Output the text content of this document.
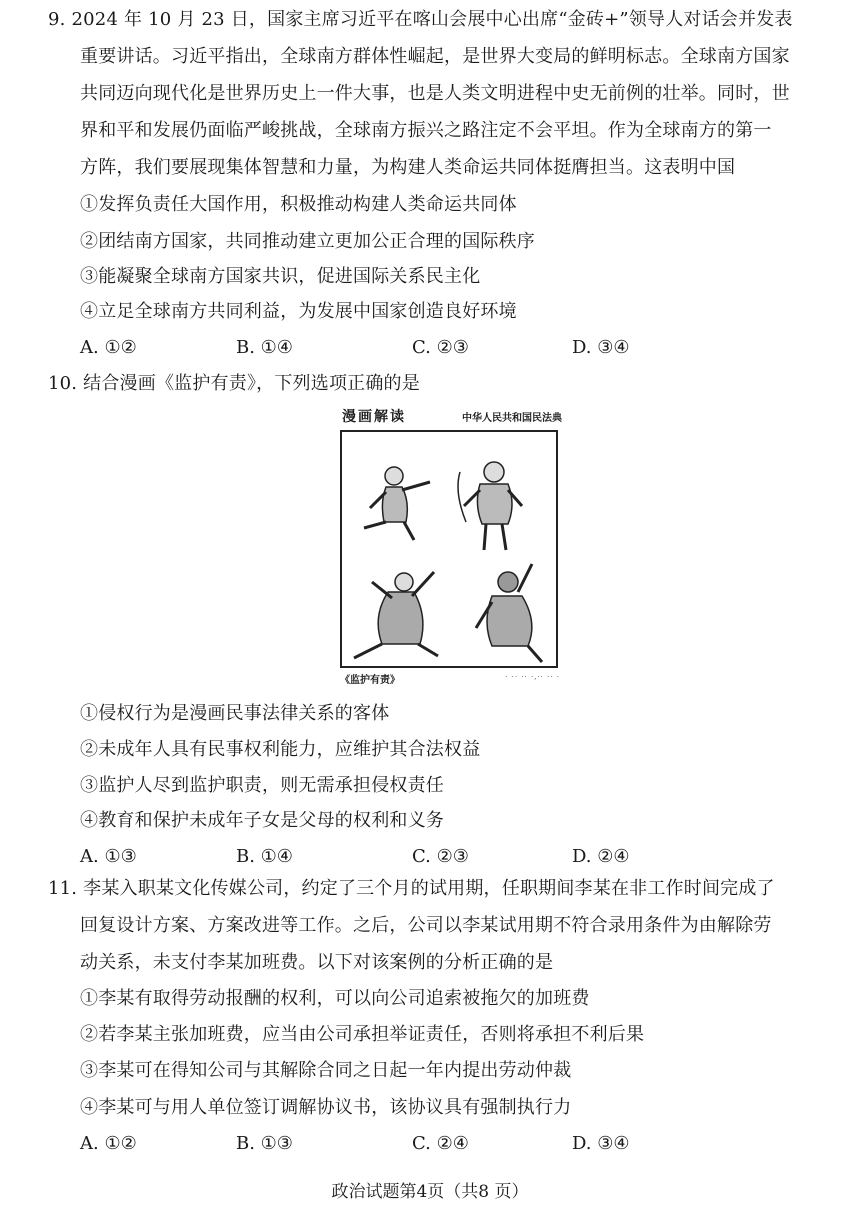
9. 2024 年 10 月 23 日，国家主席习近平在喀山会展中心出席“金砖+”领导人对话会并发表
重要讲话。习近平指出，全球南方群体性崛起，是世界大变局的鲜明标志。全球南方国家
共同迈向现代化是世界历史上一件大事，也是人类文明进程中史无前例的壮举。同时，世
界和平和发展仍面临严峻挑战，全球南方振兴之路注定不会平坦。作为全球南方的第一
方阵，我们要展现集体智慧和力量，为构建人类命运共同体挺膺担当。这表明中国
①发挥负责任大国作用，积极推动构建人类命运共同体
②团结南方国家，共同推动建立更加公正合理的国际秩序
③能凝聚全球南方国家共识，促进国际关系民主化
④立足全球南方共同利益，为发展中国家创造良好环境
A. ①②	B. ①④	C. ②③	D. ③④
10. 结合漫画《监护有责》，下列选项正确的是
漫画解读	中华人民共和国民法典
《监护有责》	· ·· ·· ·,·· ·· ·
①侵权行为是漫画民事法律关系的客体
②未成年人具有民事权利能力，应维护其合法权益
③监护人尽到监护职责，则无需承担侵权责任
④教育和保护未成年子女是父母的权利和义务
A. ①③	B. ①④	C. ②③	D. ②④
11. 李某入职某文化传媒公司，约定了三个月的试用期，任职期间李某在非工作时间完成了
回复设计方案、方案改进等工作。之后，公司以李某试用期不符合录用条件为由解除劳
动关系，未支付李某加班费。以下对该案例的分析正确的是
①李某有取得劳动报酬的权利，可以向公司追索被拖欠的加班费
②若李某主张加班费，应当由公司承担举证责任，否则将承担不利后果
③李某可在得知公司与其解除合同之日起一年内提出劳动仲裁
④李某可与用人单位签订调解协议书，该协议具有强制执行力
A. ①②	B. ①③	C. ②④	D. ③④
政治试题第4页（共8 页）
